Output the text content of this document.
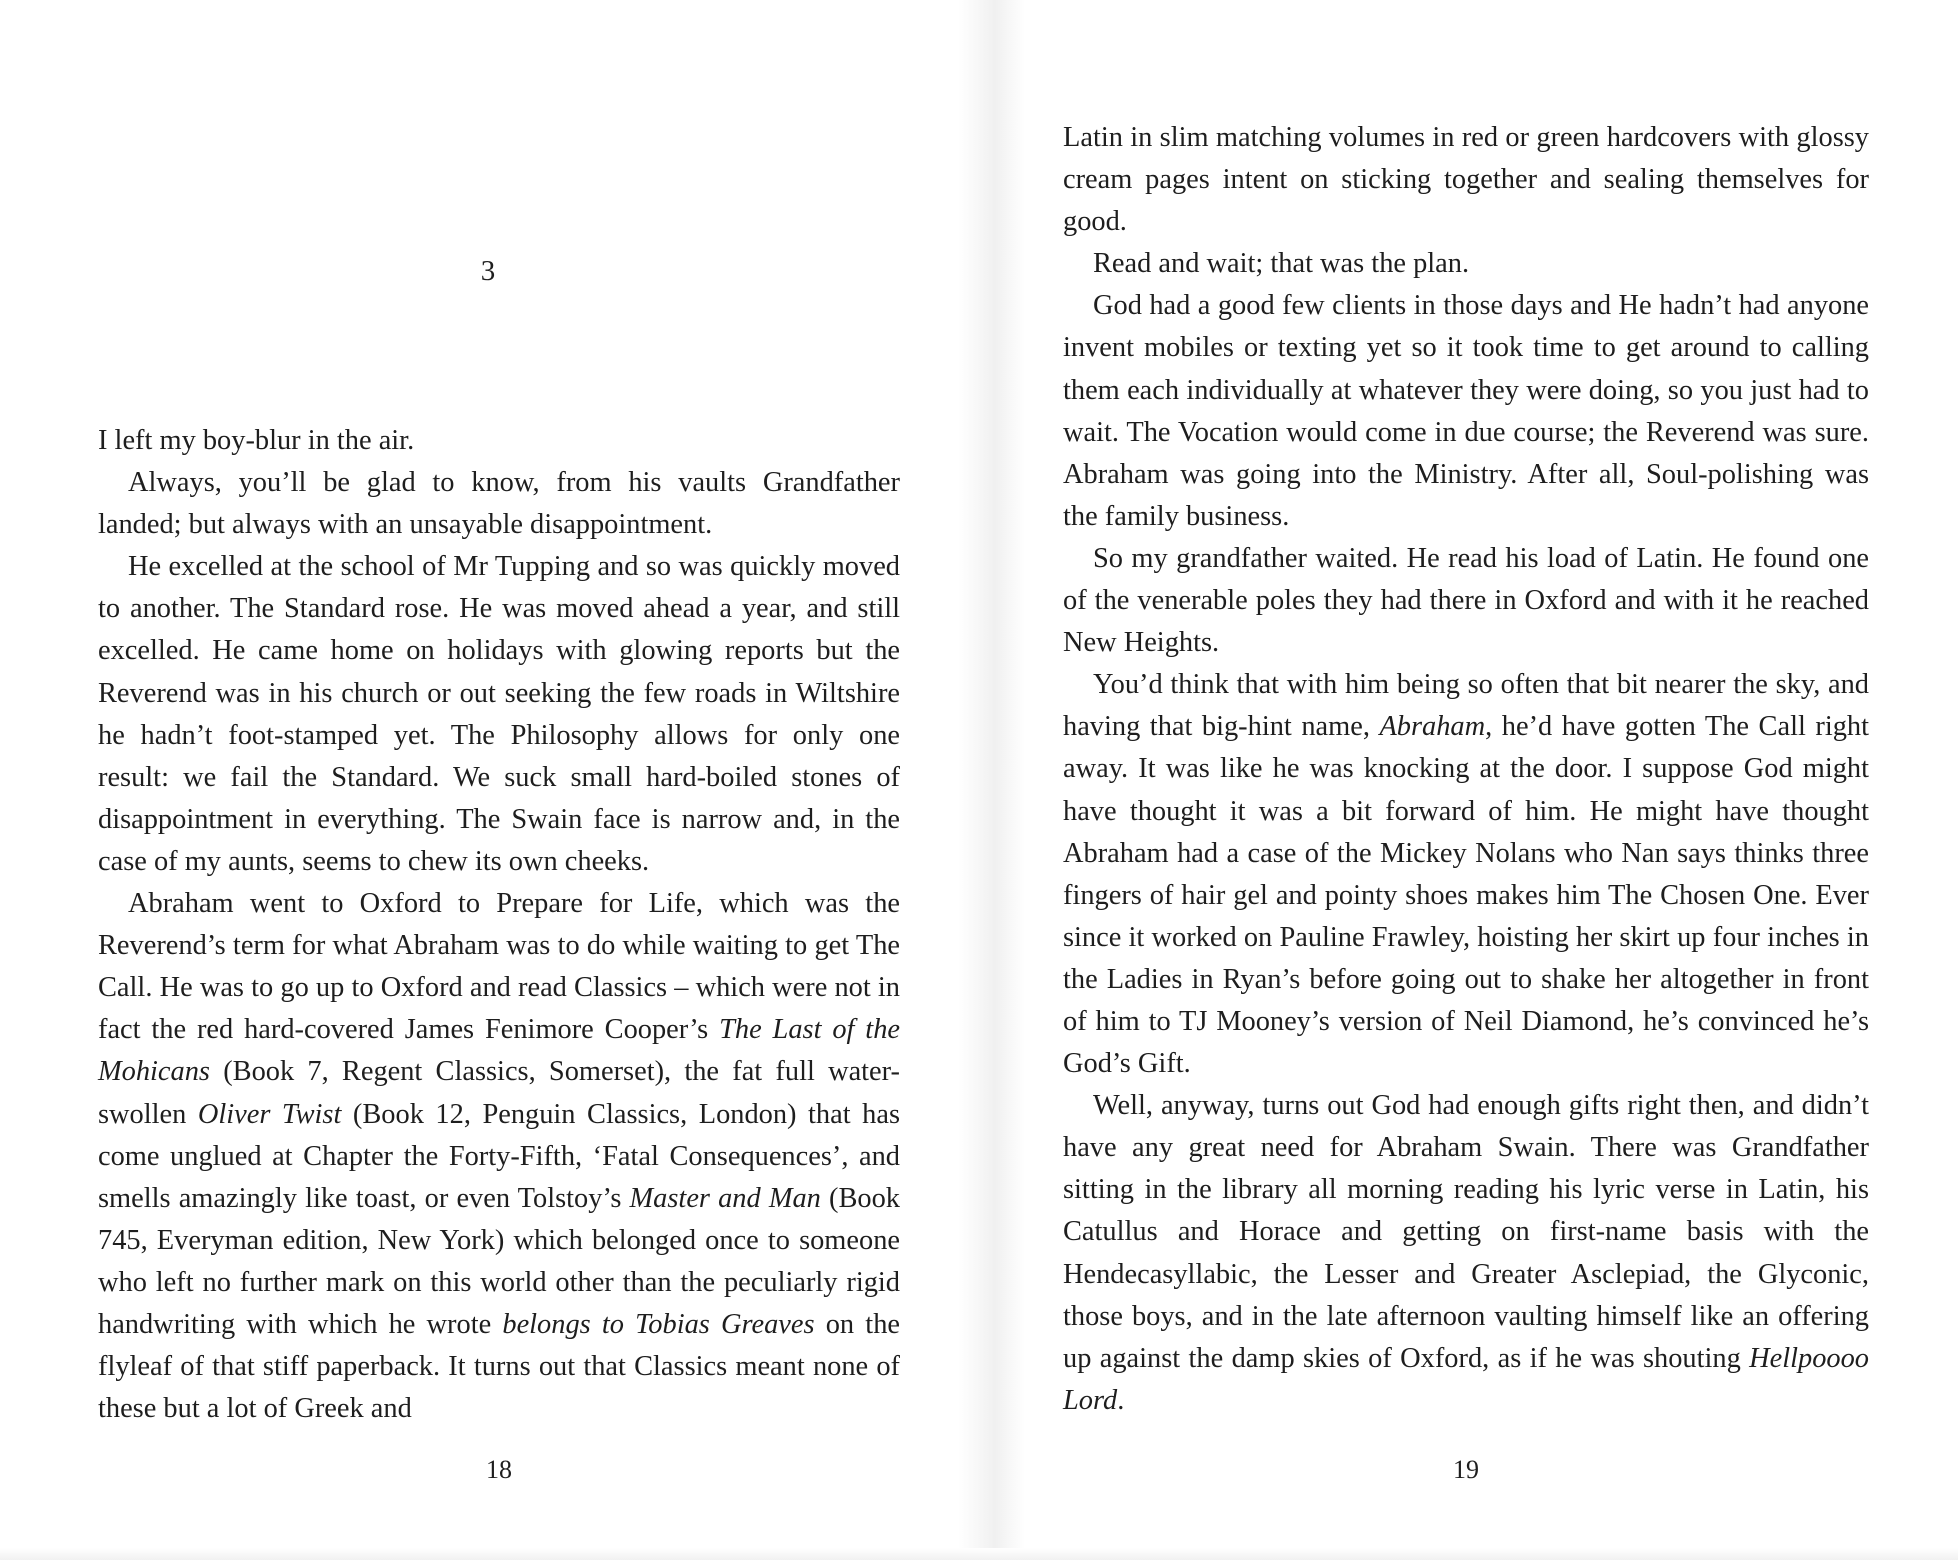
3

I left my boy-blur in the air.

Always, you’ll be glad to know, from his vaults Grandfather landed; but always with an unsayable disappointment.

He excelled at the school of Mr Tupping and so was quickly moved to another. The Standard rose. He was moved ahead a year, and still excelled. He came home on holidays with glowing reports but the Reverend was in his church or out seeking the few roads in Wiltshire he hadn’t foot-stamped yet. The Philosophy allows for only one result: we fail the Standard. We suck small hard-boiled stones of disappointment in everything. The Swain face is narrow and, in the case of my aunts, seems to chew its own cheeks.

Abraham went to Oxford to Prepare for Life, which was the Reverend’s term for what Abraham was to do while waiting to get The Call. He was to go up to Oxford and read Classics – which were not in fact the red hard-covered James Fenimore Cooper’s The Last of the Mohicans (Book 7, Regent Classics, Somerset), the fat full water-swollen Oliver Twist (Book 12, Penguin Classics, London) that has come unglued at Chapter the Forty-Fifth, ‘Fatal Consequences’, and smells amazingly like toast, or even Tolstoy’s Master and Man (Book 745, Everyman edition, New York) which belonged once to someone who left no further mark on this world other than the peculiarly rigid handwriting with which he wrote belongs to Tobias Greaves on the flyleaf of that stiff paperback. It turns out that Classics meant none of these but a lot of Greek and

18

Latin in slim matching volumes in red or green hardcovers with glossy cream pages intent on sticking together and sealing themselves for good.

Read and wait; that was the plan.

God had a good few clients in those days and He hadn’t had anyone invent mobiles or texting yet so it took time to get around to calling them each individually at whatever they were doing, so you just had to wait. The Vocation would come in due course; the Reverend was sure. Abraham was going into the Ministry. After all, Soul-polishing was the family business.

So my grandfather waited. He read his load of Latin. He found one of the venerable poles they had there in Oxford and with it he reached New Heights.

You’d think that with him being so often that bit nearer the sky, and having that big-hint name, Abraham, he’d have gotten The Call right away. It was like he was knocking at the door. I suppose God might have thought it was a bit forward of him. He might have thought Abraham had a case of the Mickey Nolans who Nan says thinks three fingers of hair gel and pointy shoes makes him The Chosen One. Ever since it worked on Pauline Frawley, hoisting her skirt up four inches in the Ladies in Ryan’s before going out to shake her altogether in front of him to TJ Mooney’s version of Neil Diamond, he’s convinced he’s God’s Gift.

Well, anyway, turns out God had enough gifts right then, and didn’t have any great need for Abraham Swain. There was Grandfather sitting in the library all morning reading his lyric verse in Latin, his Catullus and Horace and getting on first-name basis with the Hendecasyllabic, the Lesser and Greater Asclepiad, the Glyconic, those boys, and in the late afternoon vaulting himself like an offering up against the damp skies of Oxford, as if he was shouting Hellpoooo Lord.

19
